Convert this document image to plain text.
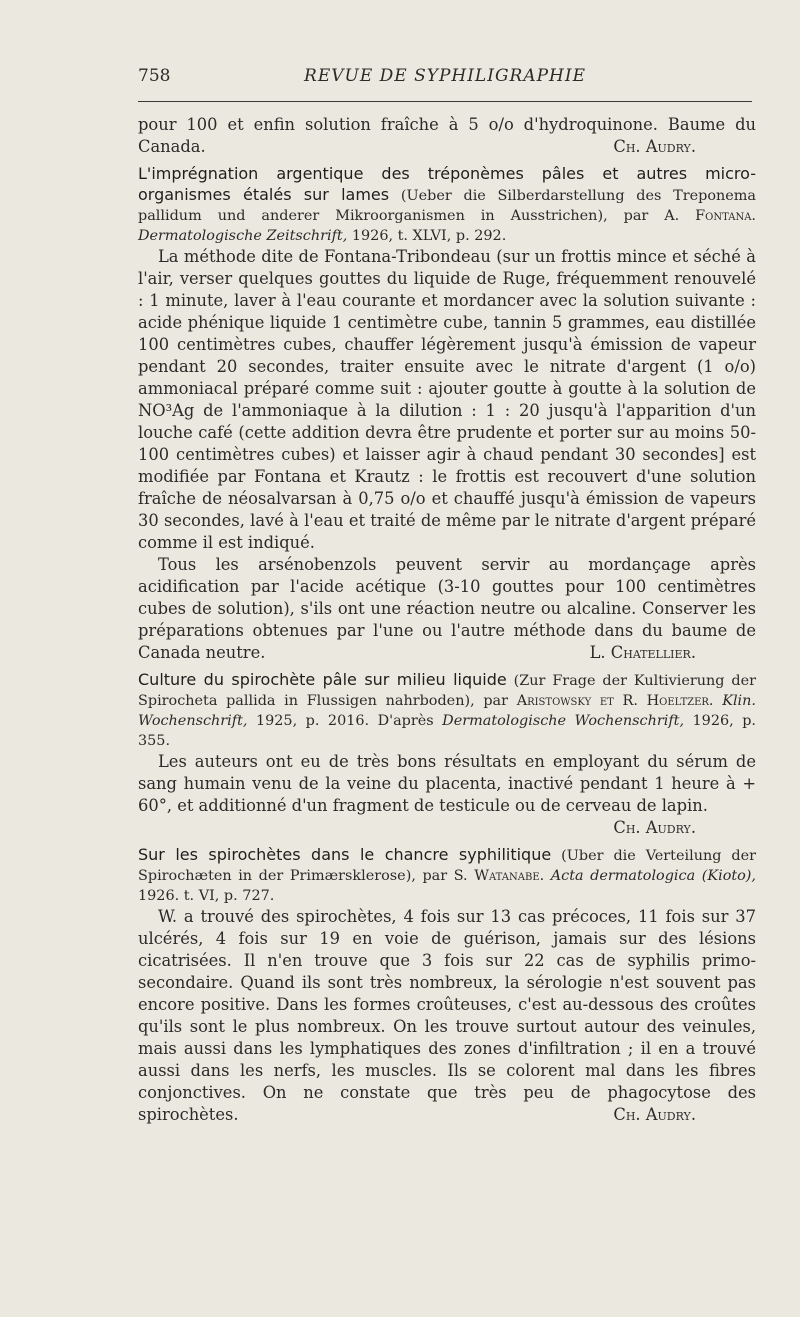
758	REVUE DE SYPHILIGRAPHIE

pour 100 et enfin solution fraîche à 5 o/o d'hydroquinone. Baume du Canada.	Ch. Audry.

L'imprégnation argentique des tréponèmes pâles et autres micro-organismes étalés sur lames (Ueber die Silberdarstellung des Treponema pallidum und anderer Mikroorganismen in Ausstrichen), par A. Fontana. Dermatologische Zeitschrift, 1926, t. XLVI, p. 292.

La méthode dite de Fontana-Tribondeau (sur un frottis mince et séché à l'air, verser quelques gouttes du liquide de Ruge, fréquemment renouvelé : 1 minute, laver à l'eau courante et mordancer avec la solution suivante : acide phénique liquide 1 centimètre cube, tannin 5 grammes, eau distillée 100 centimètres cubes, chauffer légèrement jusqu'à émission de vapeur pendant 20 secondes, traiter ensuite avec le nitrate d'argent (1 o/o) ammoniacal préparé comme suit : ajouter goutte à goutte à la solution de NO³Ag de l'ammoniaque à la dilution : 1 : 20 jusqu'à l'apparition d'un louche café (cette addition devra être prudente et porter sur au moins 50-100 centimètres cubes) et laisser agir à chaud pendant 30 secondes] est modifiée par Fontana et Krautz : le frottis est recouvert d'une solution fraîche de néosalvarsan à 0,75 o/o et chauffé jusqu'à émission de vapeurs 30 secondes, lavé à l'eau et traité de même par le nitrate d'argent préparé comme il est indiqué.

Tous les arsénobenzols peuvent servir au mordançage après acidification par l'acide acétique (3-10 gouttes pour 100 centimètres cubes de solution), s'ils ont une réaction neutre ou alcaline. Conserver les préparations obtenues par l'une ou l'autre méthode dans du baume de Canada neutre.	L. Chatellier.

Culture du spirochète pâle sur milieu liquide (Zur Frage der Kultivierung der Spirocheta pallida in Flussigen nahrboden), par Aristowsky et R. Hoeltzer. Klin. Wochenschrift, 1925, p. 2016. D'après Dermatologische Wochenschrift, 1926, p. 355.

Les auteurs ont eu de très bons résultats en employant du sérum de sang humain venu de la veine du placenta, inactivé pendant 1 heure à + 60°, et additionné d'un fragment de testicule ou de cerveau de lapin.
Ch. Audry.

Sur les spirochètes dans le chancre syphilitique (Uber die Verteilung der Spirochæten in der Primærsklerose), par S. Watanabe. Acta dermatologica (Kioto), 1926. t. VI, p. 727.

W. a trouvé des spirochètes, 4 fois sur 13 cas précoces, 11 fois sur 37 ulcérés, 4 fois sur 19 en voie de guérison, jamais sur des lésions cicatrisées. Il n'en trouve que 3 fois sur 22 cas de syphilis primo-secondaire. Quand ils sont très nombreux, la sérologie n'est souvent pas encore positive. Dans les formes croûteuses, c'est au-dessous des croûtes qu'ils sont le plus nombreux. On les trouve surtout autour des veinules, mais aussi dans les lymphatiques des zones d'infiltration ; il en a trouvé aussi dans les nerfs, les muscles. Ils se colorent mal dans les fibres conjonctives. On ne constate que très peu de phagocytose des spirochètes.	Ch. Audry.
